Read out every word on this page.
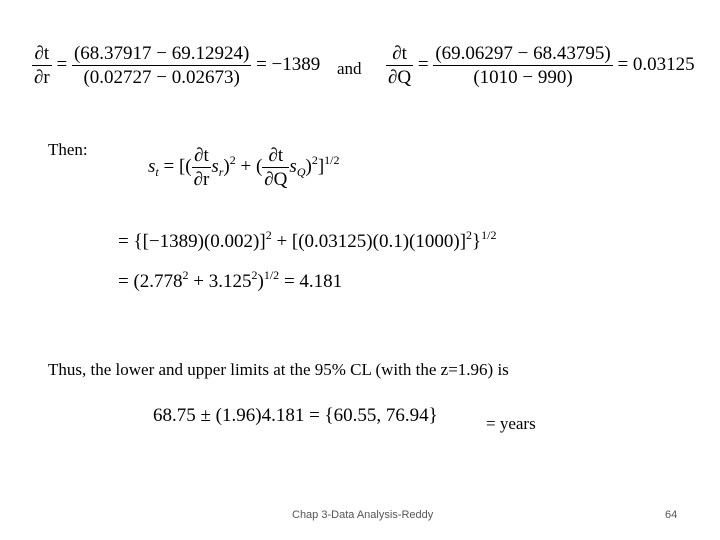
$\frac{\partial t}{\partial r} = \frac{(68.37917 - 69.12924)}{(0.02727 - 0.02673)} = -1389$ and $\frac{\partial t}{\partial Q} = \frac{(69.06297 - 68.43795)}{(1010 - 990)} = 0.03125$
Then:
$s_t$ = [( $\frac{\partial t}{\partial r} s_r)^2$ + ( $\frac{\partial t}{\partial Q} s_Q)^2]^{1/2}$
= $\{[-1389)(0.002)]^2 + [(0.03125)(0.1)(1000)]^2\}^{1/2}$
= $(2.778^2 + 3.125^2)^{1/2} = 4.181$
Thus, the lower and upper limits at the 95% CL (with the z=1.96) is
68.75 ± (1.96)4.181 = {60.55, 76.94}	= years
Chap 3-Data Analysis-Reddy	64
